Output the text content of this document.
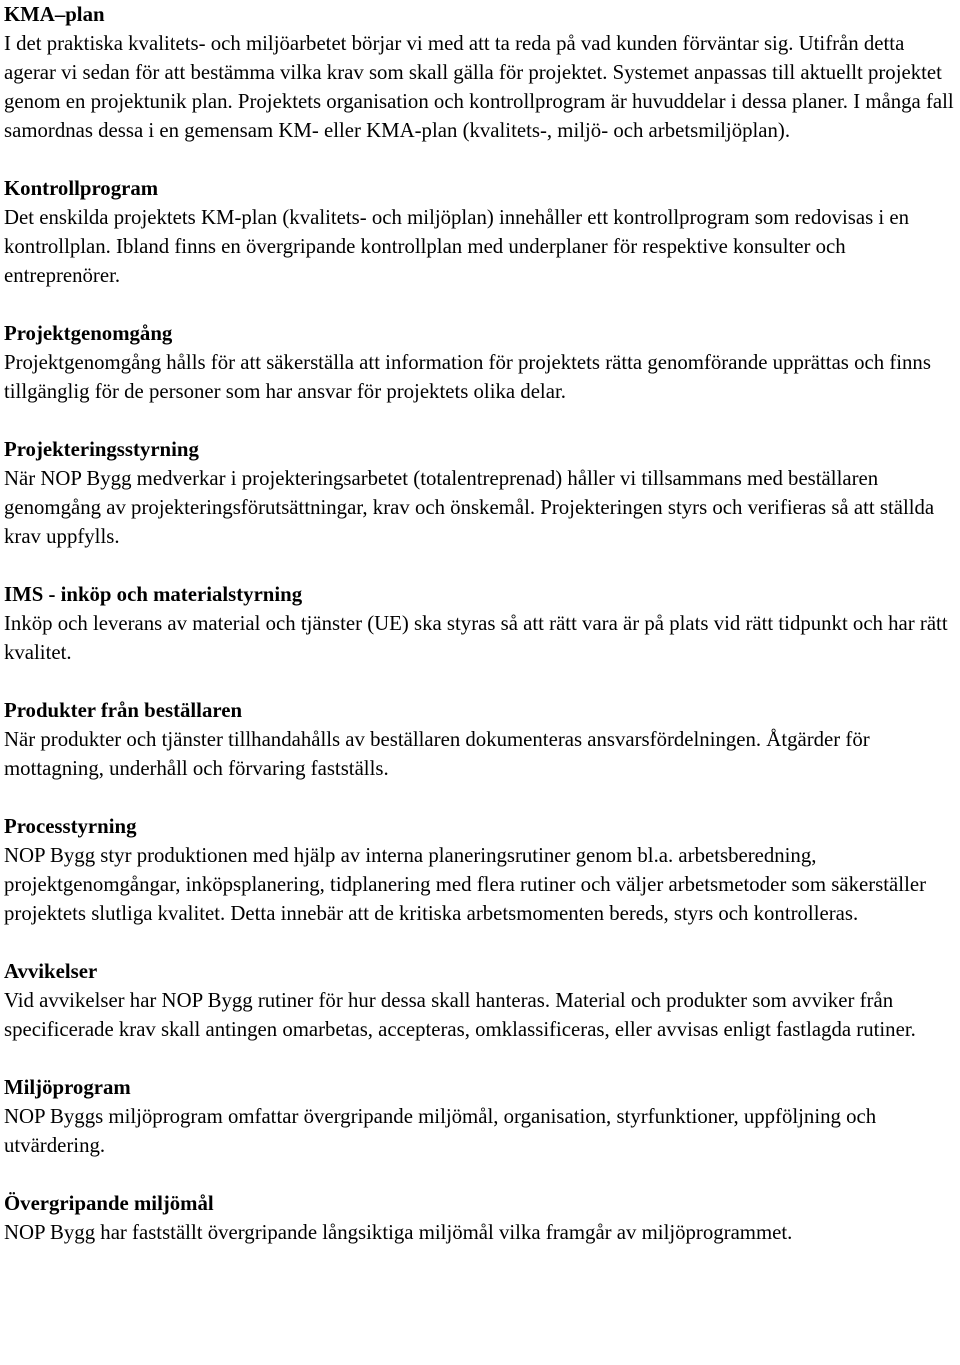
KMA–plan
I det praktiska kvalitets- och miljöarbetet börjar vi med att ta reda på vad kunden förväntar sig. Utifrån detta agerar vi sedan för att bestämma vilka krav som skall gälla för projektet. Systemet anpassas till aktuellt projektet genom en projektunik plan. Projektets organisation och kontrollprogram är huvuddelar i dessa planer. I många fall samordnas dessa i en gemensam KM- eller KMA-plan (kvalitets-, miljö- och arbetsmiljöplan).
Kontrollprogram
Det enskilda projektets KM-plan (kvalitets- och miljöplan) innehåller ett kontrollprogram som redovisas i en kontrollplan. Ibland finns en övergripande kontrollplan med underplaner för respektive konsulter och entreprenörer.
Projektgenomgång
Projektgenomgång hålls för att säkerställa att information för projektets rätta genomförande upprättas och finns tillgänglig för de personer som har ansvar för projektets olika delar.
Projekteringsstyrning
När NOP Bygg medverkar i projekteringsarbetet (totalentreprenad) håller vi tillsammans med beställaren genomgång av projekteringsförutsättningar, krav och önskemål. Projekteringen styrs och verifieras så att ställda krav uppfylls.
IMS - inköp och materialstyrning
Inköp och leverans av material och tjänster (UE) ska styras så att rätt vara är på plats vid rätt tidpunkt och har rätt kvalitet.
Produkter från beställaren
När produkter och tjänster tillhandahålls av beställaren dokumenteras ansvarsfördelningen. Åtgärder för mottagning, underhåll och förvaring fastställs.
Processtyrning
NOP Bygg styr produktionen med hjälp av interna planeringsrutiner genom bl.a. arbetsberedning, projektgenomgångar, inköpsplanering, tidplanering med flera rutiner och väljer arbetsmetoder som säkerställer projektets slutliga kvalitet. Detta innebär att de kritiska arbetsmomenten bereds, styrs och kontrolleras.
Avvikelser
Vid avvikelser har NOP Bygg rutiner för hur dessa skall hanteras. Material och produkter som avviker från specificerade krav skall antingen omarbetas, accepteras, omklassificeras, eller avvisas enligt fastlagda rutiner.
Miljöprogram
NOP Byggs miljöprogram omfattar övergripande miljömål, organisation, styrfunktioner, uppföljning och utvärdering.
Övergripande miljömål
NOP Bygg har fastställt övergripande långsiktiga miljömål vilka framgår av miljöprogrammet.
